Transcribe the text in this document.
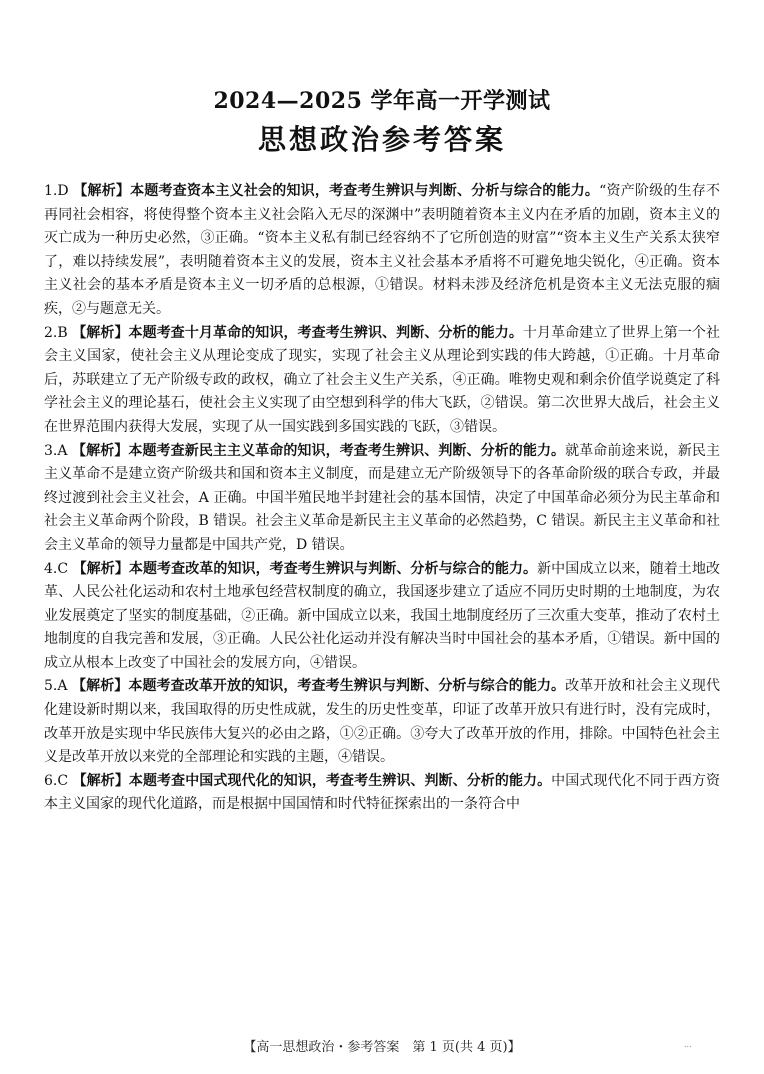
2024—2025 学年高一开学测试
思想政治参考答案
1.D 【解析】本题考查资本主义社会的知识，考查考生辨识与判断、分析与综合的能力。“资产阶级的生存不再同社会相容，将使得整个资本主义社会陷入无尽的深渊中”表明随着资本主义内在矛盾的加剧，资本主义的灭亡成为一种历史必然，③正确。“资本主义私有制已经容纳不了它所创造的财富”“资本主义生产关系太狭窄了，难以持续发展”，表明随着资本主义的发展，资本主义社会基本矛盾将不可避免地尖锐化，④正确。资本主义社会的基本矛盾是资本主义一切矛盾的总根源，①错误。材料未涉及经济危机是资本主义无法克服的痼疾，②与题意无关。
2.B 【解析】本题考查十月革命的知识，考查考生辨识、判断、分析的能力。十月革命建立了世界上第一个社会主义国家，使社会主义从理论变成了现实，实现了社会主义从理论到实践的伟大跨越，①正确。十月革命后，苏联建立了无产阶级专政的政权，确立了社会主义生产关系，④正确。唯物史观和剩余价值学说奠定了科学社会主义的理论基石，使社会主义实现了由空想到科学的伟大飞跃，②错误。第二次世界大战后，社会主义在世界范围内获得大发展，实现了从一国实践到多国实践的飞跃，③错误。
3.A 【解析】本题考查新民主主义革命的知识，考查考生辨识、判断、分析的能力。就革命前途来说，新民主主义革命不是建立资产阶级共和国和资本主义制度，而是建立无产阶级领导下的各革命阶级的联合专政，并最终过渡到社会主义社会，A 正确。中国半殖民地半封建社会的基本国情，决定了中国革命必须分为民主革命和社会主义革命两个阶段，B 错误。社会主义革命是新民主主义革命的必然趋势，C 错误。新民主主义革命和社会主义革命的领导力量都是中国共产党，D 错误。
4.C 【解析】本题考查改革的知识，考查考生辨识与判断、分析与综合的能力。新中国成立以来，随着土地改革、人民公社化运动和农村土地承包经营权制度的确立，我国逐步建立了适应不同历史时期的土地制度，为农业发展奠定了坚实的制度基础，②正确。新中国成立以来，我国土地制度经历了三次重大变革，推动了农村土地制度的自我完善和发展，③正确。人民公社化运动并没有解决当时中国社会的基本矛盾，①错误。新中国的成立从根本上改变了中国社会的发展方向，④错误。
5.A 【解析】本题考查改革开放的知识，考查考生辨识与判断、分析与综合的能力。改革开放和社会主义现代化建设新时期以来，我国取得的历史性成就，发生的历史性变革，印证了改革开放只有进行时，没有完成时，改革开放是实现中华民族伟大复兴的必由之路，①②正确。③夸大了改革开放的作用，排除。中国特色社会主义是改革开放以来党的全部理论和实践的主题，④错误。
6.C 【解析】本题考查中国式现代化的知识，考查考生辨识、判断、分析的能力。中国式现代化不同于西方资本主义国家的现代化道路，而是根据中国国情和时代特征探索出的一条符合中
【高一思想政治・参考答案　第 1 页(共 4 页)】	...
